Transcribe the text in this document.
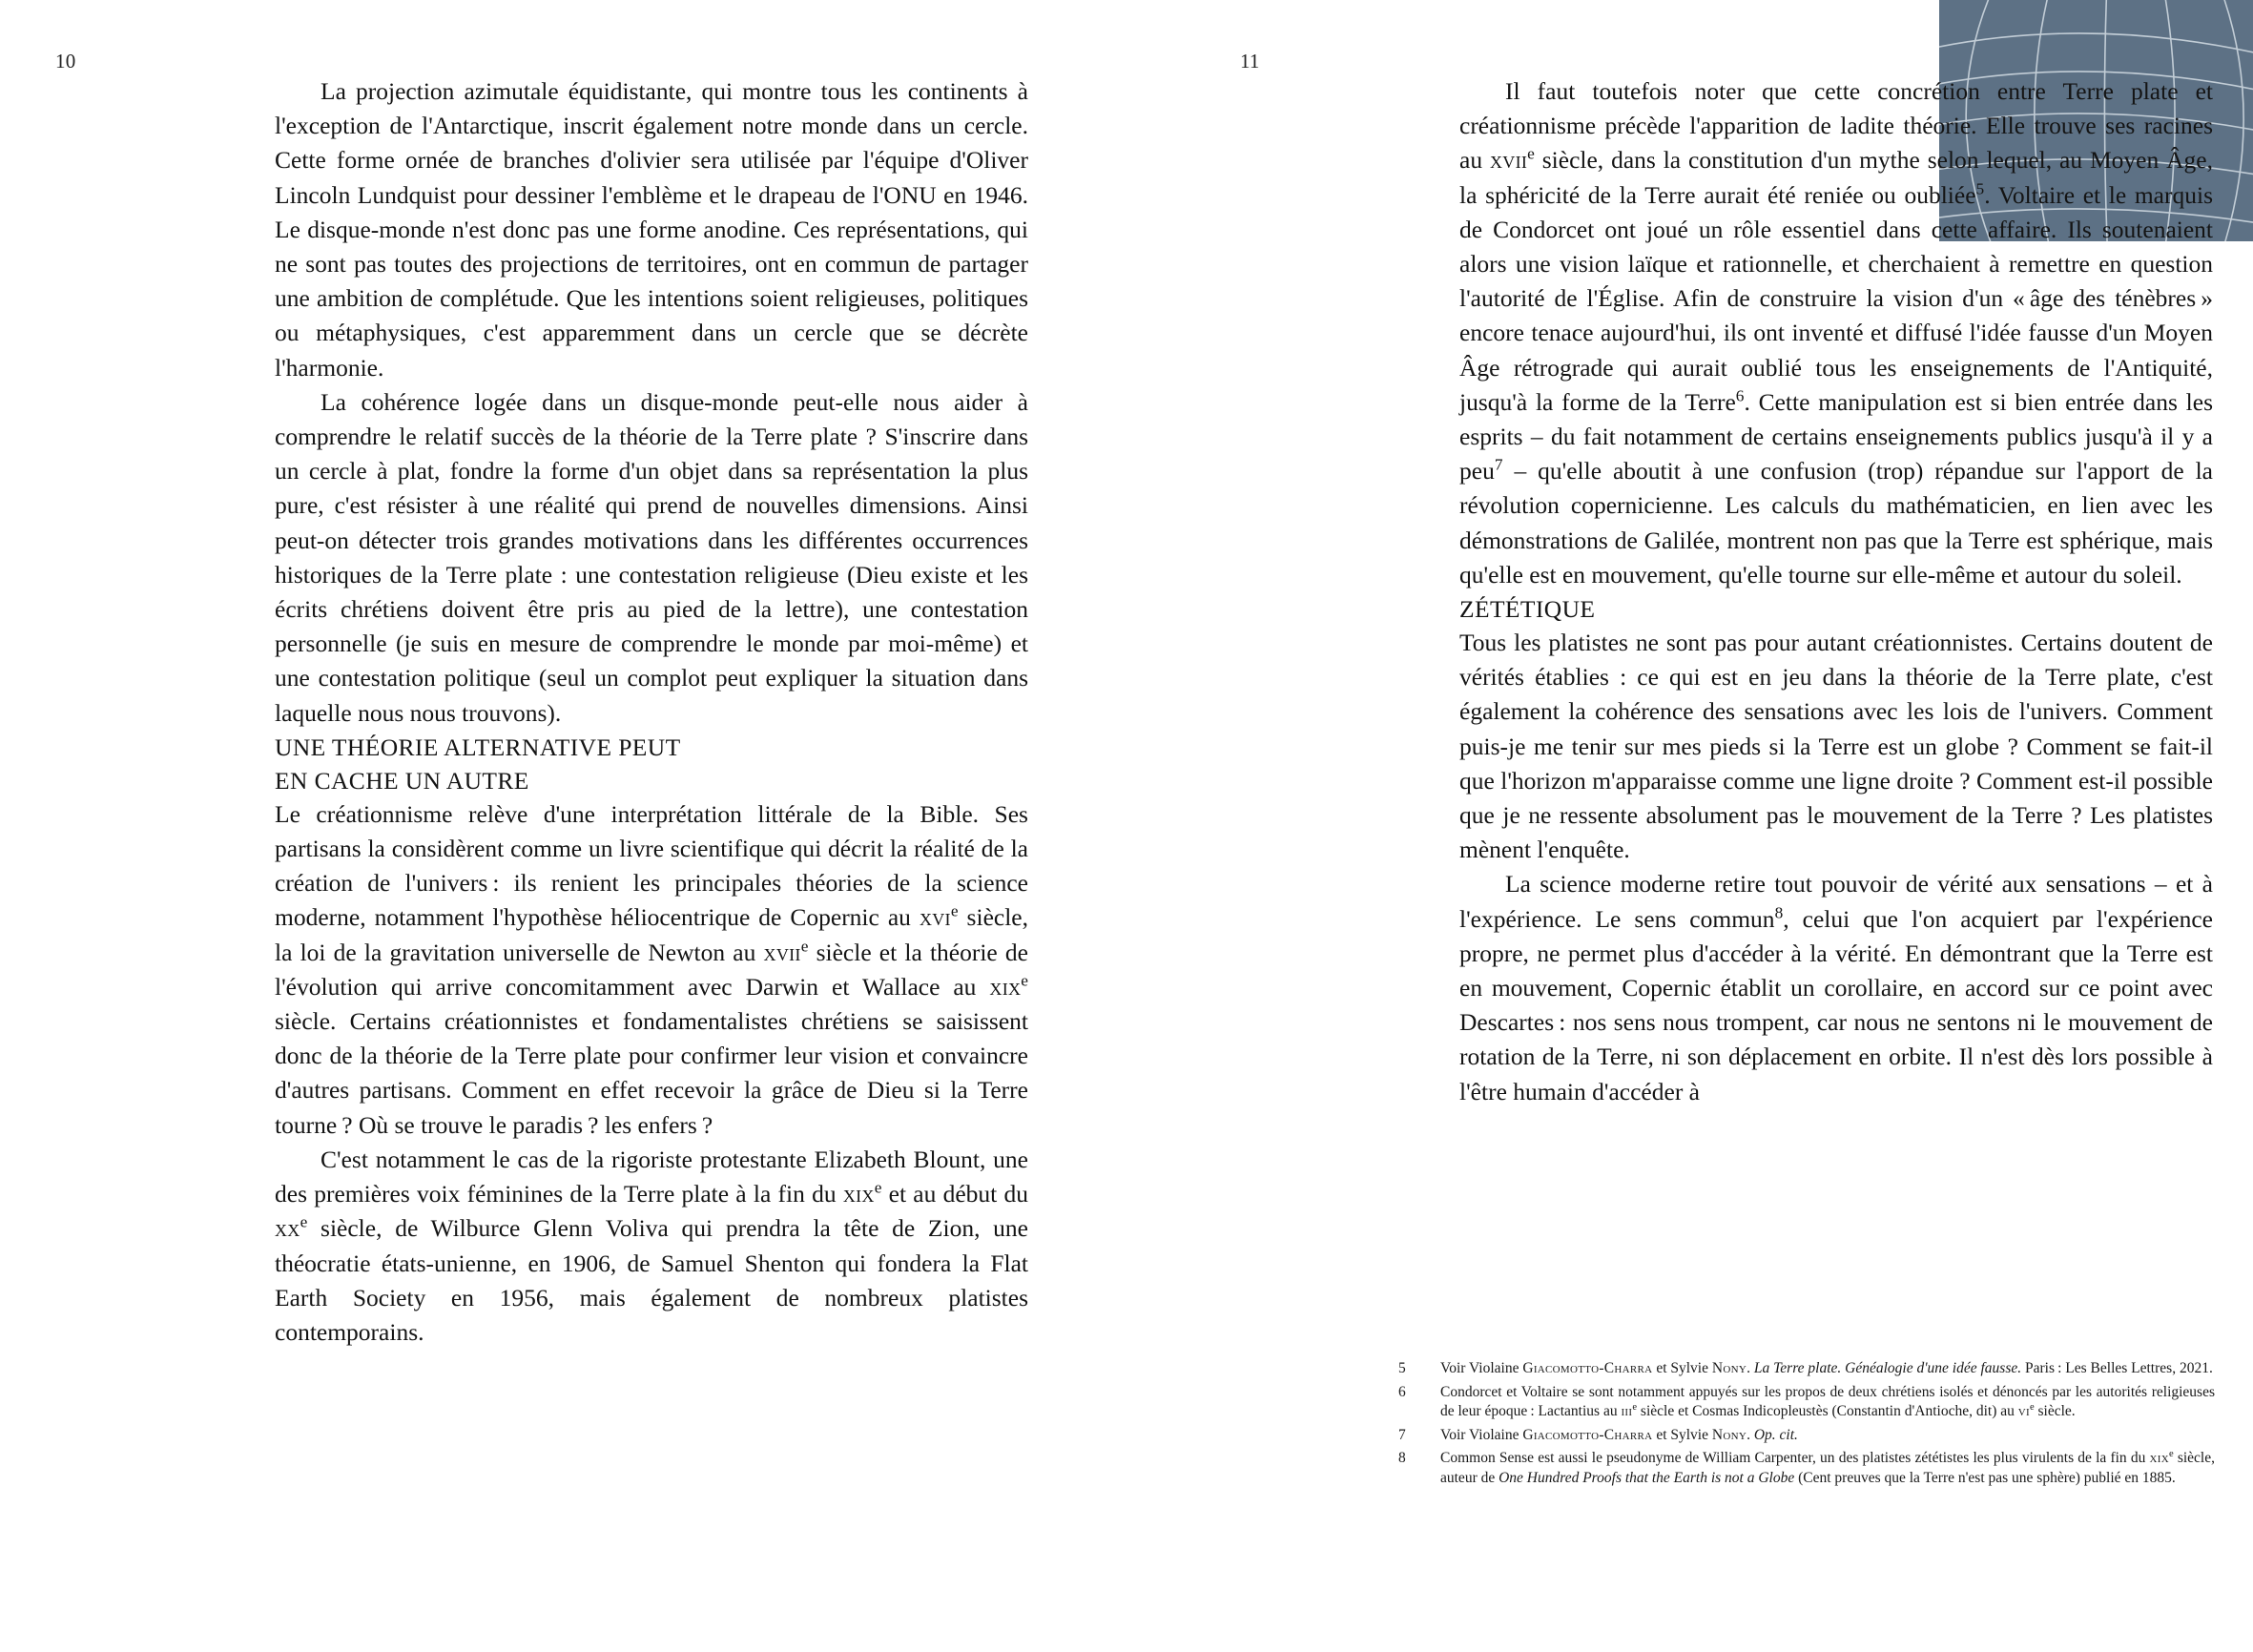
10

La projection azimutale équidistante, qui montre tous les continents à l'exception de l'Antarctique, inscrit également notre monde dans un cercle. Cette forme ornée de branches d'olivier sera utilisée par l'équipe d'Oliver Lincoln Lundquist pour dessiner l'emblème et le drapeau de l'ONU en 1946. Le disque-monde n'est donc pas une forme anodine. Ces représentations, qui ne sont pas toutes des projections de territoires, ont en commun de partager une ambition de complétude. Que les intentions soient religieuses, politiques ou métaphysiques, c'est apparemment dans un cercle que se décrète l'harmonie.

La cohérence logée dans un disque-monde peut-elle nous aider à comprendre le relatif succès de la théorie de la Terre plate ? S'inscrire dans un cercle à plat, fondre la forme d'un objet dans sa représentation la plus pure, c'est résister à une réalité qui prend de nouvelles dimensions. Ainsi peut-on détecter trois grandes motivations dans les différentes occurrences historiques de la Terre plate : une contestation religieuse (Dieu existe et les écrits chrétiens doivent être pris au pied de la lettre), une contestation personnelle (je suis en mesure de comprendre le monde par moi-même) et une contestation politique (seul un complot peut expliquer la situation dans laquelle nous nous trouvons).

UNE THÉORIE ALTERNATIVE PEUT

EN CACHE UN AUTRE

Le créationnisme relève d'une interprétation littérale de la Bible. Ses partisans la considèrent comme un livre scientifique qui décrit la réalité de la création de l'univers : ils renient les principales théories de la science moderne, notamment l'hypothèse héliocentrique de Copernic au xvi$^e$ siècle, la loi de la gravitation universelle de Newton au xvii$^e$ siècle et la théorie de l'évolution qui arrive concomitamment avec Darwin et Wallace au xix$^e$ siècle. Certains créationnistes et fondamentalistes chrétiens se saisissent donc de la théorie de la Terre plate pour confirmer leur vision et convaincre d'autres partisans. Comment en effet recevoir la grâce de Dieu si la Terre tourne ? Où se trouve le paradis ? les enfers ?

C'est notamment le cas de la rigoriste protestante Elizabeth Blount, une des premières voix féminines de la Terre plate à la fin du xix$^e$ et au début du $xx^e$ siècle, de Wilburce Glenn Voliva qui prendra la tête de Zion, une théocratie états-unienne, en 1906, de Samuel Shenton qui fondera la Flat Earth Society en 1956, mais également de nombreux platistes contemporains.

11

Il faut toutefois noter que cette concrétion entre Terre plate et créationnisme précède l'apparition de ladite théorie. Elle trouve ses racines au xvii$^e$ siècle, dans la constitution d'un mythe selon lequel, au Moyen Âge, la sphéricité de la Terre aurait été reniée ou oubliée$^5$. Voltaire et le marquis de Condorcet ont joué un rôle essentiel dans cette affaire. Ils soutenaient alors une vision laïque et rationnelle, et cherchaient à remettre en question l'autorité de l'Église. Afin de construire la vision d'un « âge des ténèbres » encore tenace aujourd'hui, ils ont inventé et diffusé l'idée fausse d'un Moyen Âge rétrograde qui aurait oublié tous les enseignements de l'Antiquité, jusqu'à la forme de la Terre$^6$. Cette manipulation est si bien entrée dans les esprits – du fait notamment de certains enseignements publics jusqu'à il y a peu$^7$ – qu'elle aboutit à une confusion (trop) répandue sur l'apport de la révolution copernicienne. Les calculs du mathématicien, en lien avec les démonstrations de Galilée, montrent non pas que la Terre est sphérique, mais qu'elle est en mouvement, qu'elle tourne sur elle-même et autour du soleil.

ZÉTÉTIQUE

Tous les platistes ne sont pas pour autant créationnistes. Certains doutent de vérités établies : ce qui est en jeu dans la théorie de la Terre plate, c'est également la cohérence des sensations avec les lois de l'univers. Comment puis-je me tenir sur mes pieds si la Terre est un globe ? Comment se fait-il que l'horizon m'apparaisse comme une ligne droite ? Comment est-il possible que je ne ressente absolument pas le mouvement de la Terre ? Les platistes mènent l'enquête.

La science moderne retire tout pouvoir de vérité aux sensations – et à l'expérience. Le sens commun$^8$, celui que l'on acquiert par l'expérience propre, ne permet plus d'accéder à la vérité. En démontrant que la Terre est en mouvement, Copernic établit un corollaire, en accord sur ce point avec Descartes : nos sens nous trompent, car nous ne sentons ni le mouvement de rotation de la Terre, ni son déplacement en orbite. Il n'est dès lors possible à l'être humain d'accéder à

5	Voir Violaine Giacomotto-Charra et Sylvie Nony. La Terre plate. Généalogie d'une idée fausse. Paris : Les Belles Lettres, 2021.
6	Condorcet et Voltaire se sont notamment appuyés sur les propos de deux chrétiens isolés et dénoncés par les autorités religieuses de leur époque : Lactantius au iii$^e$ siècle et Cosmas Indicopleustès (Constantin d'Antioche, dit) au $vi^e$ siècle.
7	Voir Violaine Giacomotto-Charra et Sylvie Nony. Op. cit.
8	Common Sense est aussi le pseudonyme de William Carpenter, un des platistes zététistes les plus virulents de la fin du xix$^e$ siècle, auteur de One Hundred Proofs that the Earth is not a Globe (Cent preuves que la Terre n'est pas une sphère) publié en 1885.
